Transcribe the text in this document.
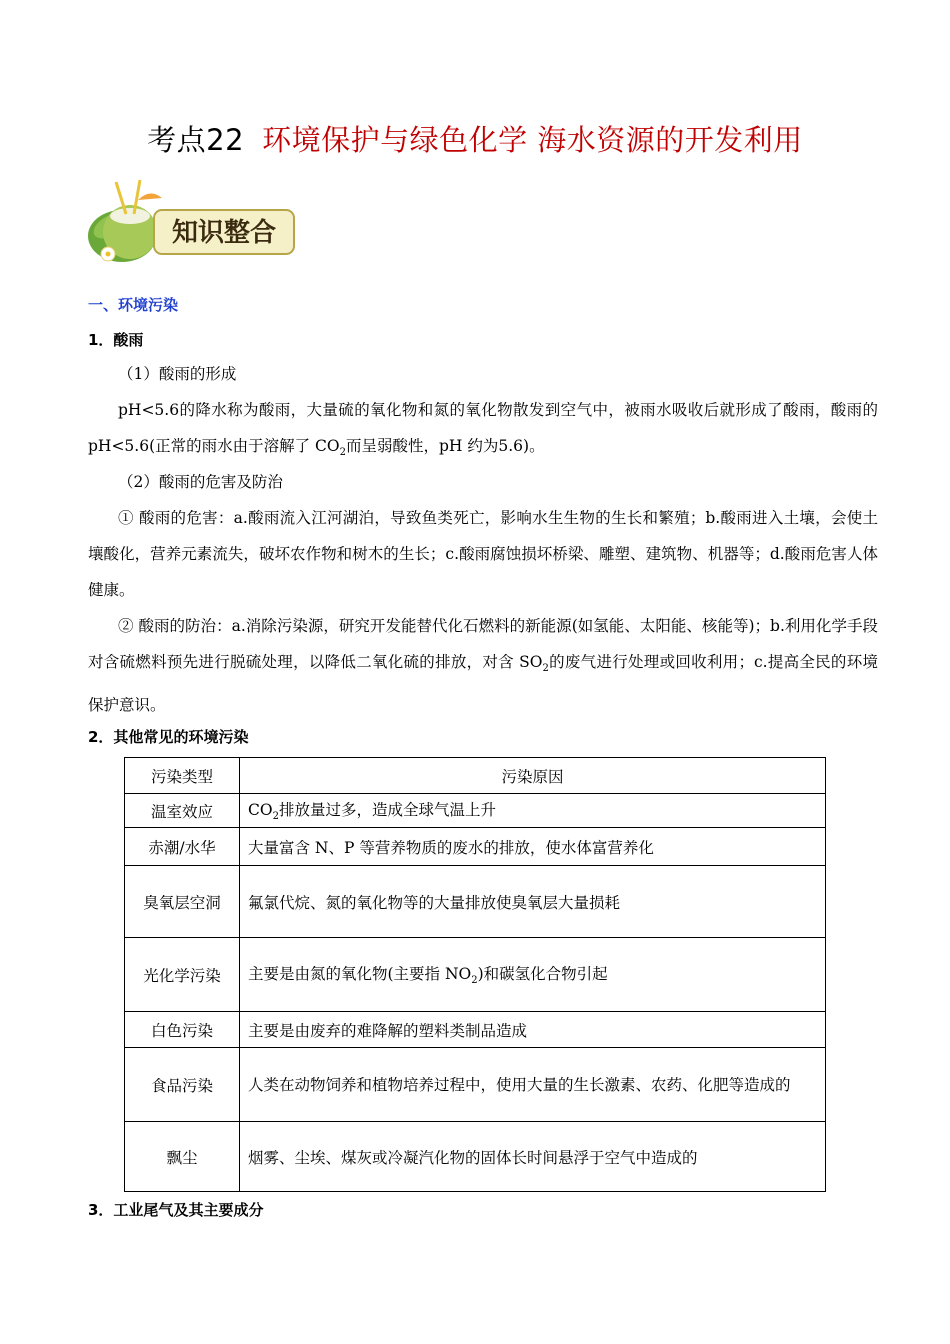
考点22 环境保护与绿色化学 海水资源的开发利用
知识整合
一、环境污染
1．酸雨
（1）酸雨的形成
pH<5.6的降水称为酸雨，大量硫的氧化物和氮的氧化物散发到空气中，被雨水吸收后就形成了酸雨，酸雨的 pH<5.6(正常的雨水由于溶解了 $CO_2$而呈弱酸性，pH 约为5.6)。
（2）酸雨的危害及防治
① 酸雨的危害：a.酸雨流入江河湖泊，导致鱼类死亡，影响水生生物的生长和繁殖；b.酸雨进入土壤，会使土壤酸化，营养元素流失，破坏农作物和树木的生长；c.酸雨腐蚀损坏桥梁、雕塑、建筑物、机器等；d.酸雨危害人体健康。
② 酸雨的防治：a.消除污染源，研究开发能替代化石燃料的新能源(如氢能、太阳能、核能等)；b.利用化学手段对含硫燃料预先进行脱硫处理，以降低二氧化硫的排放，对含 $SO_2$的废气进行处理或回收利用；c.提高全民的环境保护意识。
2．其他常见的环境污染
污染类型	污染原因
温室效应	$CO_2$排放量过多，造成全球气温上升
赤潮/水华	大量富含 N、P 等营养物质的废水的排放，使水体富营养化
臭氧层空洞	氟氯代烷、氮的氧化物等的大量排放使臭氧层大量损耗
光化学污染	主要是由氮的氧化物(主要指 $NO_2$)和碳氢化合物引起
白色污染	主要是由废弃的难降解的塑料类制品造成
食品污染	人类在动物饲养和植物培养过程中，使用大量的生长激素、农药、化肥等造成的
飘尘	烟雾、尘埃、煤灰或冷凝汽化物的固体长时间悬浮于空气中造成的
3．工业尾气及其主要成分
